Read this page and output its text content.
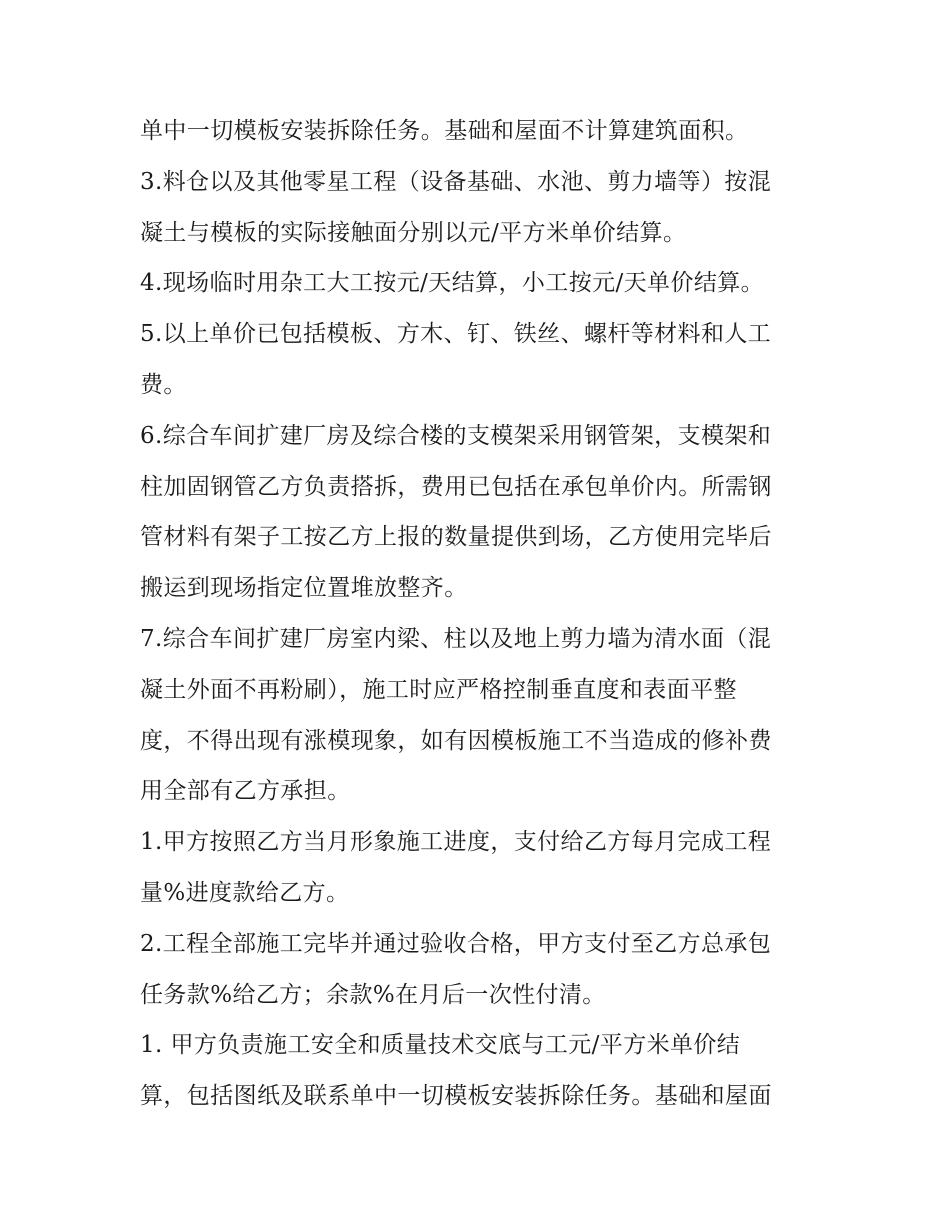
单中一切模板安装拆除任务。基础和屋面不计算建筑面积。
3.料仓以及其他零星工程（设备基础、水池、剪力墙等）按混
凝土与模板的实际接触面分别以元/平方米单价结算。
4.现场临时用杂工大工按元/天结算，小工按元/天单价结算。
5.以上单价已包括模板、方木、钉、铁丝、螺杆等材料和人工
费。
6.综合车间扩建厂房及综合楼的支模架采用钢管架，支模架和
柱加固钢管乙方负责搭拆，费用已包括在承包单价内。所需钢
管材料有架子工按乙方上报的数量提供到场，乙方使用完毕后
搬运到现场指定位置堆放整齐。
7.综合车间扩建厂房室内梁、柱以及地上剪力墙为清水面（混
凝土外面不再粉刷），施工时应严格控制垂直度和表面平整
度，不得出现有涨模现象，如有因模板施工不当造成的修补费
用全部有乙方承担。
1.甲方按照乙方当月形象施工进度，支付给乙方每月完成工程
量%进度款给乙方。
2.工程全部施工完毕并通过验收合格，甲方支付至乙方总承包
任务款%给乙方；余款%在月后一次性付清。
1. 甲方负责施工安全和质量技术交底与工元/平方米单价结
算，包括图纸及联系单中一切模板安装拆除任务。基础和屋面
